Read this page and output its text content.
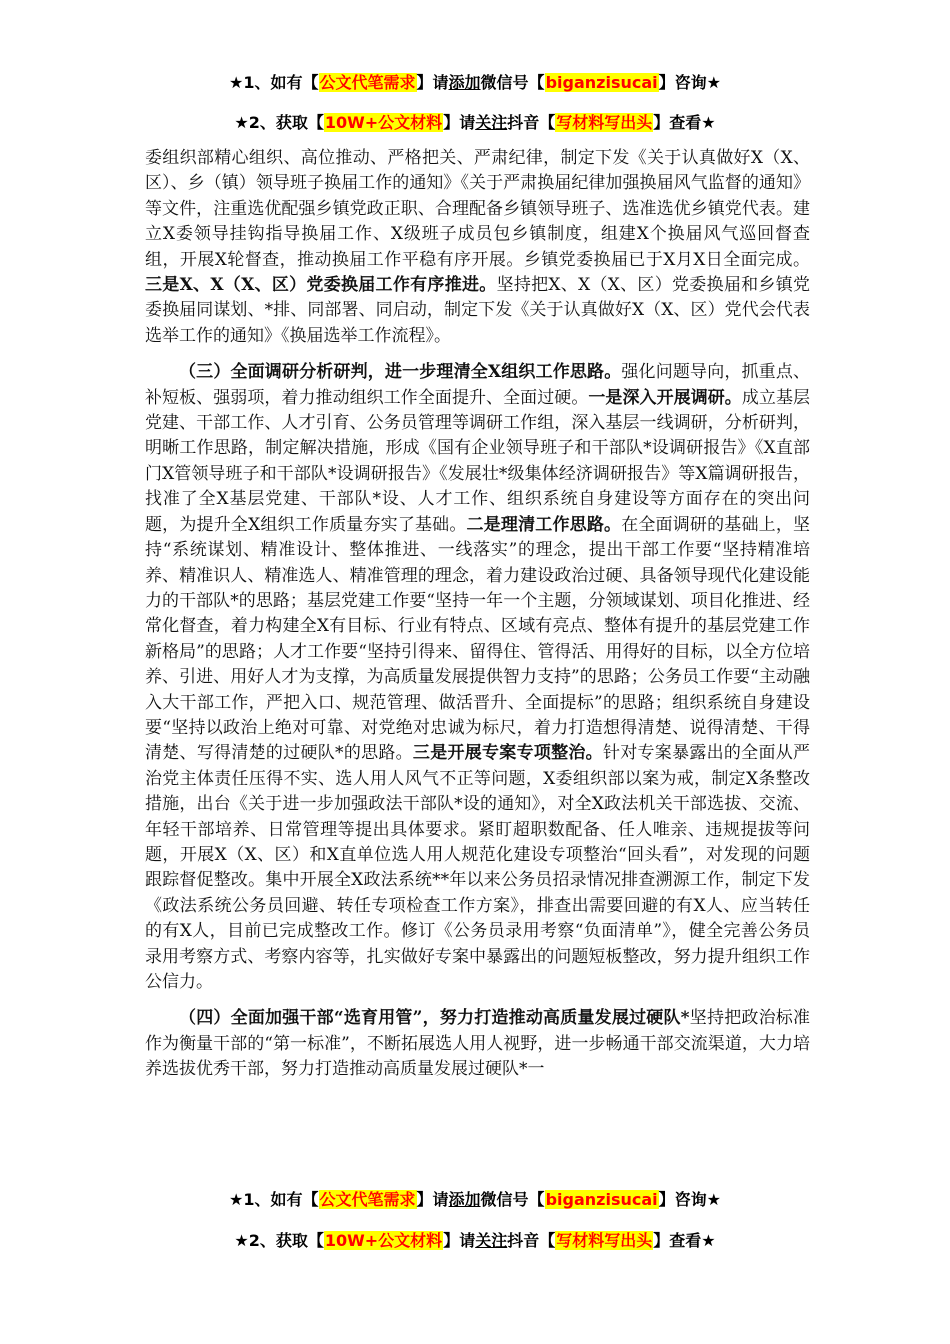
★1、如有【公文代笔需求】请添加微信号【biganzisucai】咨询★
★2、获取【10W+公文材料】请关注抖音【写材料写出头】查看★

委组织部精心组织、高位推动、严格把关、严肃纪律，制定下发《关于认真做好X（X、区）、乡（镇）领导班子换届工作的通知》《关于严肃换届纪律加强换届风气监督的通知》等文件，注重选优配强乡镇党政正职、合理配备乡镇领导班子、选准选优乡镇党代表。建立X委领导挂钩指导换届工作、X级班子成员包乡镇制度，组建X个换届风气巡回督查组，开展X轮督查，推动换届工作平稳有序开展。乡镇党委换届已于X月X日全面完成。三是X、X（X、区）党委换届工作有序推进。坚持把X、X（X、区）党委换届和乡镇党委换届同谋划、*排、同部署、同启动，制定下发《关于认真做好X（X、区）党代会代表选举工作的通知》《换届选举工作流程》。

（三）全面调研分析研判，进一步理清全X组织工作思路。强化问题导向，抓重点、补短板、强弱项，着力推动组织工作全面提升、全面过硬。一是深入开展调研。成立基层党建、干部工作、人才引育、公务员管理等调研工作组，深入基层一线调研，分析研判，明晰工作思路，制定解决措施，形成《国有企业领导班子和干部队*设调研报告》《X直部门X管领导班子和干部队*设调研报告》《发展壮*级集体经济调研报告》等X篇调研报告，找准了全X基层党建、干部队*设、人才工作、组织系统自身建设等方面存在的突出问题，为提升全X组织工作质量夯实了基础。二是理清工作思路。在全面调研的基础上，坚持“系统谋划、精准设计、整体推进、一线落实”的理念，提出干部工作要“坚持精准培养、精准识人、精准选人、精准管理的理念，着力建设政治过硬、具备领导现代化建设能力的干部队*的思路；基层党建工作要“坚持一年一个主题，分领域谋划、项目化推进、经常化督查，着力构建全X有目标、行业有特点、区域有亮点、整体有提升的基层党建工作新格局”的思路；人才工作要“坚持引得来、留得住、管得活、用得好的目标，以全方位培养、引进、用好人才为支撑，为高质量发展提供智力支持”的思路；公务员工作要“主动融入大干部工作，严把入口、规范管理、做活晋升、全面提标”的思路；组织系统自身建设要“坚持以政治上绝对可靠、对党绝对忠诚为标尺，着力打造想得清楚、说得清楚、干得清楚、写得清楚的过硬队*的思路。三是开展专案专项整治。针对专案暴露出的全面从严治党主体责任压得不实、选人用人风气不正等问题，X委组织部以案为戒，制定X条整改措施，出台《关于进一步加强政法干部队*设的通知》，对全X政法机关干部选拔、交流、年轻干部培养、日常管理等提出具体要求。紧盯超职数配备、任人唯亲、违规提拔等问题，开展X（X、区）和X直单位选人用人规范化建设专项整治“回头看”，对发现的问题跟踪督促整改。集中开展全X政法系统**年以来公务员招录情况排查溯源工作，制定下发《政法系统公务员回避、转任专项检查工作方案》，排查出需要回避的有X人、应当转任的有X人，目前已完成整改工作。修订《公务员录用考察“负面清单”》，健全完善公务员录用考察方式、考察内容等，扎实做好专案中暴露出的问题短板整改，努力提升组织工作公信力。

（四）全面加强干部“选育用管”，努力打造推动高质量发展过硬队*坚持把政治标准作为衡量干部的“第一标准”，不断拓展选人用人视野，进一步畅通干部交流渠道，大力培养选拔优秀干部，努力打造推动高质量发展过硬队*一

★1、如有【公文代笔需求】请添加微信号【biganzisucai】咨询★
★2、获取【10W+公文材料】请关注抖音【写材料写出头】查看★
